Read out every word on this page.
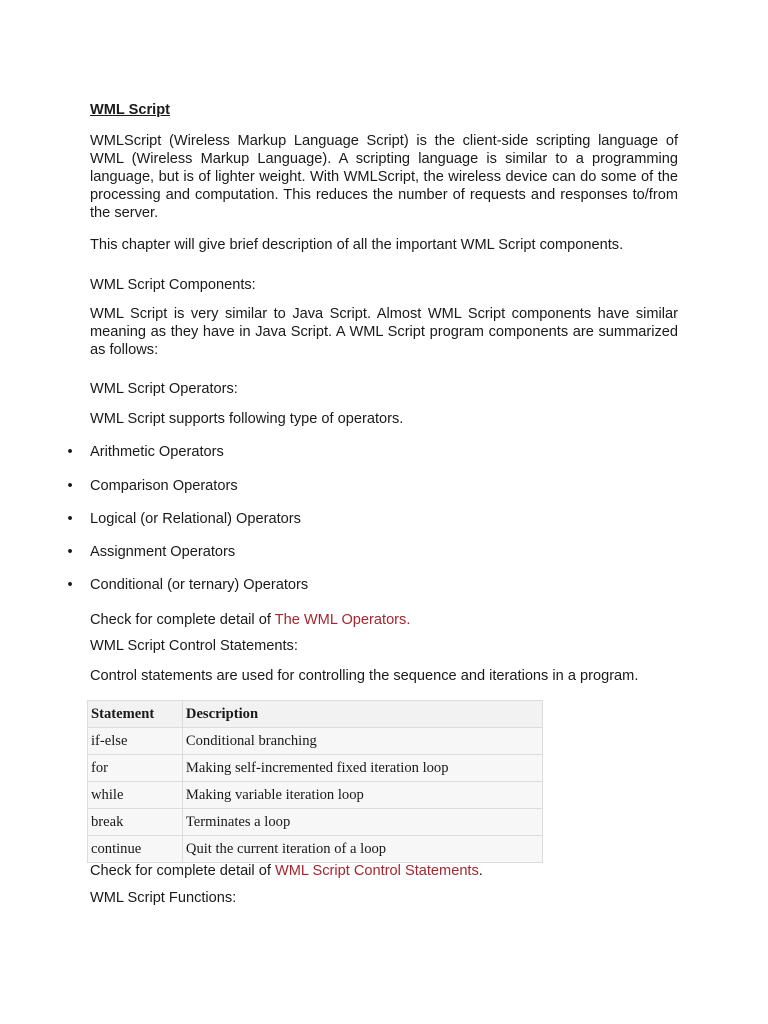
WML Script

WMLScript (Wireless Markup Language Script) is the client-side scripting language of WML (Wireless Markup Language). A scripting language is similar to a programming language, but is of lighter weight. With WMLScript, the wireless device can do some of the processing and computation. This reduces the number of requests and responses to/from the server.

This chapter will give brief description of all the important WML Script components.

WML Script Components:

WML Script is very similar to Java Script. Almost WML Script components have similar meaning as they have in Java Script. A WML Script program components are summarized as follows:

WML Script Operators:

WML Script supports following type of operators.

• Arithmetic Operators
• Comparison Operators
• Logical (or Relational) Operators
• Assignment Operators
• Conditional (or ternary) Operators

Check for complete detail of The WML Operators.

WML Script Control Statements:

Control statements are used for controlling the sequence and iterations in a program.

Statement	Description
if-else	Conditional branching
for	Making self-incremented fixed iteration loop
while	Making variable iteration loop
break	Terminates a loop
continue	Quit the current iteration of a loop

Check for complete detail of WML Script Control Statements.

WML Script Functions:
